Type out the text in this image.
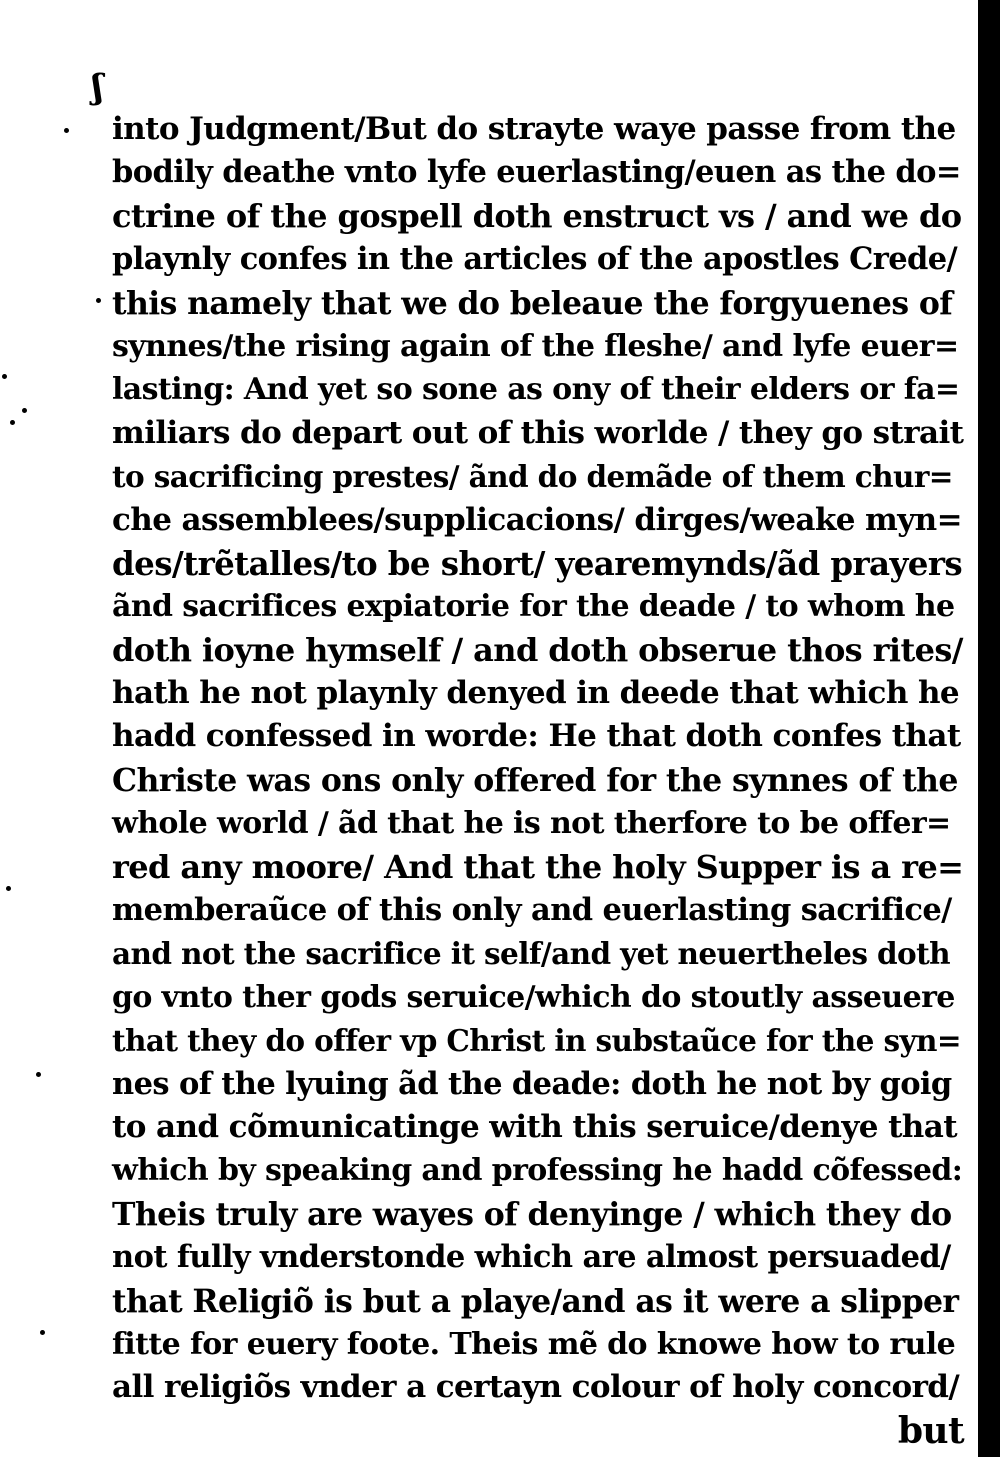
ʃ
into Judgment/But do strayte waye passe from the
bodily deathe vnto lyfe euerlasting/euen as the do=
ctrine of the gospell doth enstruct vs / and we do
playnly confes in the articles of the apostles Crede/
this namely that we do beleaue the forgyuenes of
synnes/the rising again of the fleshe/ and lyfe euer=
lasting: And yet so sone as ony of their elders or fa=
miliars do depart out of this worlde / they go strait
to sacrificing prestes/ ãnd do demãde of them chur=
che assemblees/supplicacions/ dirges/weake myn=
des/trẽtalles/to be short/ yearemynds/ãd prayers
ãnd sacrifices expiatorie for the deade / to whom he
doth ioyne hymself / and doth obserue thos rites/
hath he not playnly denyed in deede that which he
hadd confessed in worde: He that doth confes that
Christe was ons only offered for the synnes of the
whole world / ãd that he is not therfore to be offer=
red any moore/ And that the holy Supper is a re=
memberaũce of this only and euerlasting sacrifice/
and not the sacrifice it self/and yet neuertheles doth
go vnto ther gods seruice/which do stoutly asseuere
that they do offer vp Christ in substaũce for the syn=
nes of the lyuing ãd the deade: doth he not by goig
to and cõmunicatinge with this seruice/denye that
which by speaking and professing he hadd cõfessed:
Theis truly are wayes of denyinge / which they do
not fully vnderstonde which are almost persuaded/
that Religiõ is but a playe/and as it were a slipper
fitte for euery foote. Theis mẽ do knowe how to rule
all religiõs vnder a certayn colour of holy concord/
but
